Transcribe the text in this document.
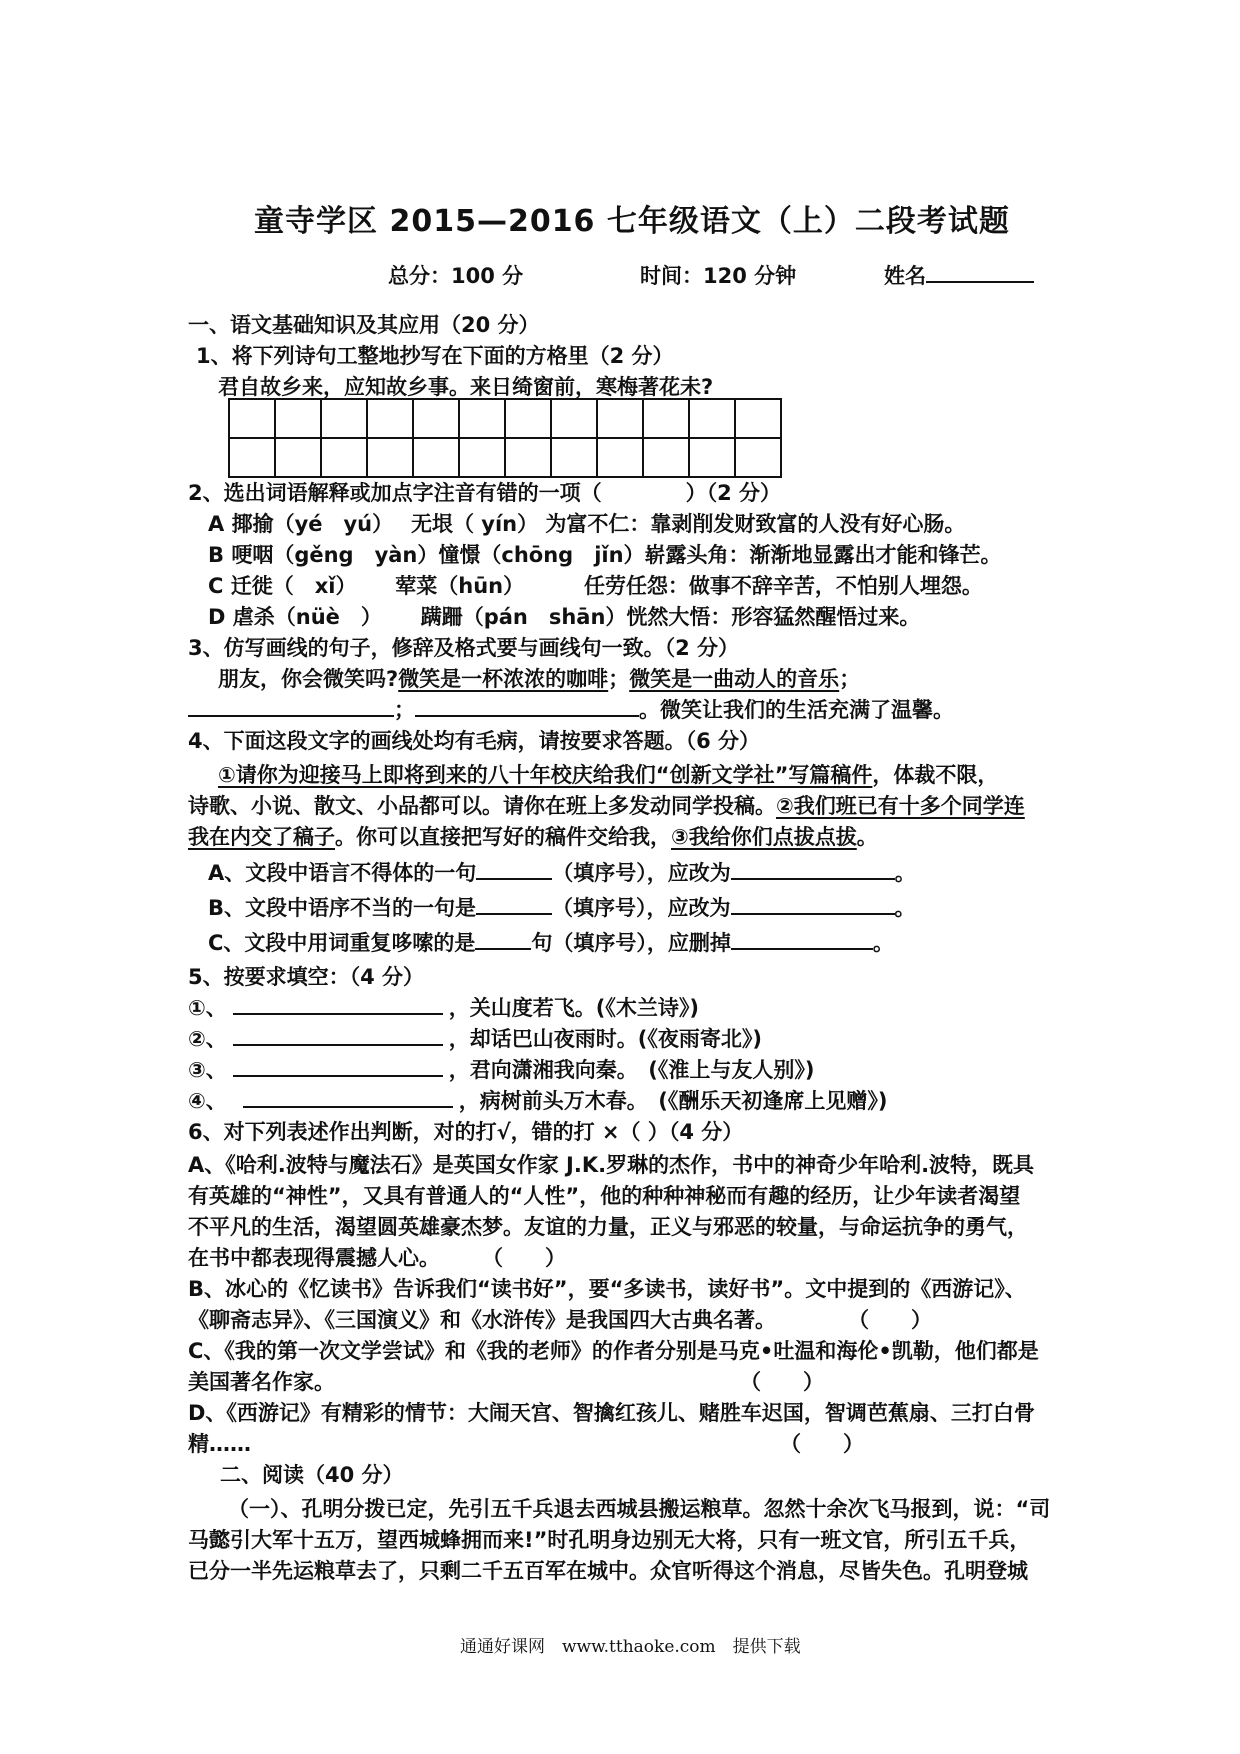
童寺学区 2015—2016 七年级语文（上）二段考试题
总分：100 分	时间：120 分钟	姓名
一、语文基础知识及其应用（20 分）
1、将下列诗句工整地抄写在下面的方格里（2 分）
君自故乡来，应知故乡事。来日绮窗前，寒梅著花未?

2、选出词语解释或加点字注音有错的一项（　　　　）（2 分）
A 揶揄（yé　yú）　 无垠（ yín） 为富不仁：靠剥削发财致富的人没有好心肠。
B 哽咽（gěng　yàn）憧憬（chōng　jǐn）崭露头角：渐渐地显露出才能和锋芒。
C 迁徙（　xǐ）　　 荤菜（hūn）　　　 任劳任怨：做事不辞辛苦，不怕别人埋怨。
D 虐杀（nüè　）　　 蹒跚（pán　shān）恍然大悟：形容猛然醒悟过来。
3、仿写画线的句子，修辞及格式要与画线句一致。（2 分）
朋友，你会微笑吗?微笑是一杯浓浓的咖啡；微笑是一曲动人的音乐；
；	。微笑让我们的生活充满了温馨。
4、下面这段文字的画线处均有毛病，请按要求答题。（6 分）
①请你为迎接马上即将到来的八十年校庆给我们“创新文学社”写篇稿件，体裁不限，
诗歌、小说、散文、小品都可以。请你在班上多发动同学投稿。②我们班已有十多个同学连
我在内交了稿子。你可以直接把写好的稿件交给我，③我给你们点拔点拔。
A、文段中语言不得体的一句	（填序号），应改为	。
B、文段中语序不当的一句是	（填序号），应改为	。
C、文段中用词重复哆嗦的是	句（填序号），应删掉	。
5、按要求填空：（4 分）
①、	，关山度若飞。(《木兰诗》)
②、	，却话巴山夜雨时。(《夜雨寄北》)
③、	，君向潇湘我向秦。　(《淮上与友人别》)
④、	，病树前头万木春。　(《酬乐天初逢席上见赠》)
6、对下列表述作出判断，对的打√，错的打 ×（ ）（4 分）
A、《哈利.波特与魔法石》是英国女作家 J.K.罗琳的杰作，书中的神奇少年哈利.波特，既具
有英雄的“神性”，又具有普通人的“人性”，他的种种神秘而有趣的经历，让少年读者渴望
不平凡的生活，渴望圆英雄豪杰梦。友谊的力量，正义与邪恶的较量，与命运抗争的勇气，
在书中都表现得震撼人心。 （　　）
B、冰心的《忆读书》告诉我们“读书好”，要“多读书，读好书”。文中提到的《西游记》、
《聊斋志异》、《三国演义》和《水浒传》是我国四大古典名著。	（　　）
C、《我的第一次文学尝试》和《我的老师》的作者分别是马克•吐温和海伦•凯勒，他们都是
美国著名作家。	（　　）
D、《西游记》有精彩的情节：大闹天宫、智擒红孩儿、赌胜车迟国，智调芭蕉扇、三打白骨
精……	（　　）
二、阅读（40 分）
（一）、孔明分拨已定，先引五千兵退去西城县搬运粮草。忽然十余次飞马报到，说：“司
马懿引大军十五万，望西城蜂拥而来!”时孔明身边别无大将，只有一班文官，所引五千兵，
已分一半先运粮草去了，只剩二千五百军在城中。众官听得这个消息，尽皆失色。孔明登城
通通好课网　www.tthaoke.com　提供下载
